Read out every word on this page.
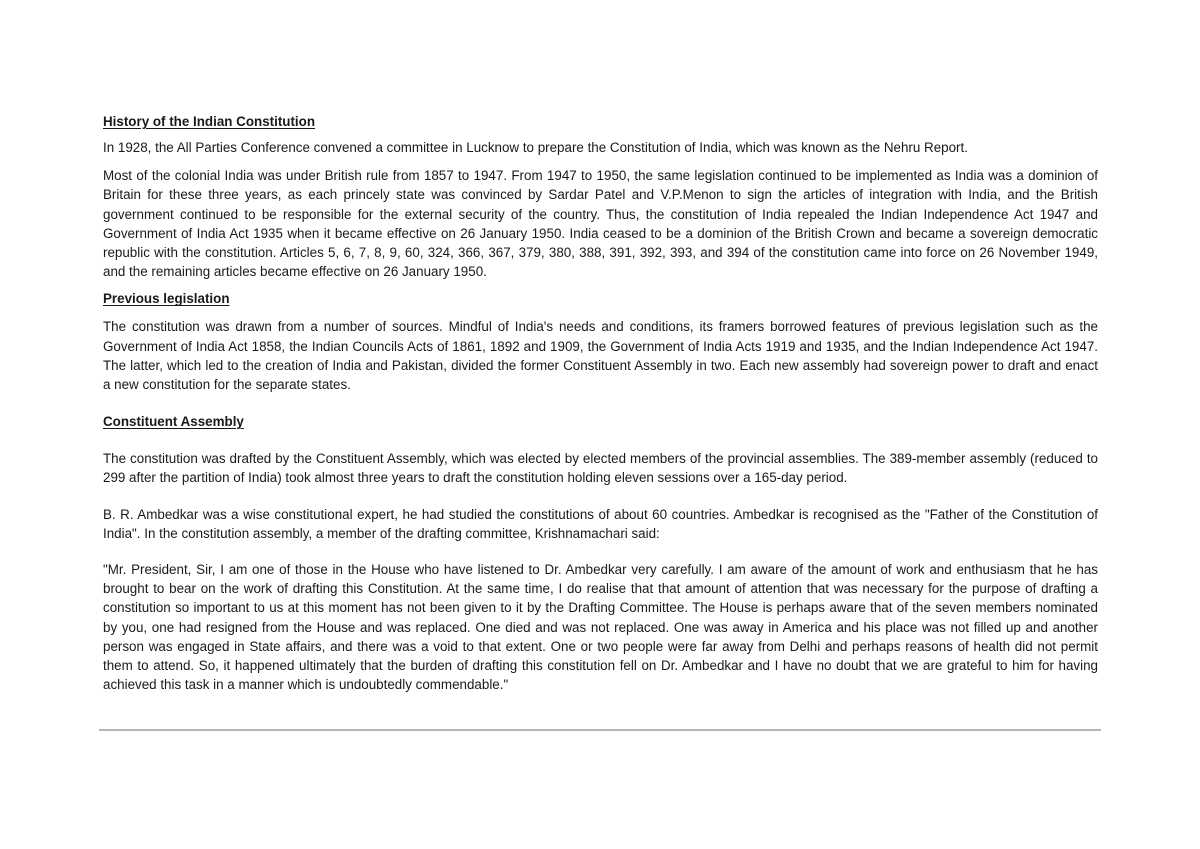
History of the Indian Constitution

In 1928, the All Parties Conference convened a committee in Lucknow to prepare the Constitution of India, which was known as the Nehru Report.

Most of the colonial India was under British rule from 1857 to 1947. From 1947 to 1950, the same legislation continued to be implemented as India was a dominion of Britain for these three years, as each princely state was convinced by Sardar Patel and V.P.Menon to sign the articles of integration with India, and the British government continued to be responsible for the external security of the country. Thus, the constitution of India repealed the Indian Independence Act 1947 and Government of India Act 1935 when it became effective on 26 January 1950. India ceased to be a dominion of the British Crown and became a sovereign democratic republic with the constitution. Articles 5, 6, 7, 8, 9, 60, 324, 366, 367, 379, 380, 388, 391, 392, 393, and 394 of the constitution came into force on 26 November 1949, and the remaining articles became effective on 26 January 1950.

Previous legislation

The constitution was drawn from a number of sources. Mindful of India's needs and conditions, its framers borrowed features of previous legislation such as the Government of India Act 1858, the Indian Councils Acts of 1861, 1892 and 1909, the Government of India Acts 1919 and 1935, and the Indian Independence Act 1947. The latter, which led to the creation of India and Pakistan, divided the former Constituent Assembly in two. Each new assembly had sovereign power to draft and enact a new constitution for the separate states.

Constituent Assembly

The constitution was drafted by the Constituent Assembly, which was elected by elected members of the provincial assemblies. The 389-member assembly (reduced to 299 after the partition of India) took almost three years to draft the constitution holding eleven sessions over a 165-day period.

B. R. Ambedkar was a wise constitutional expert, he had studied the constitutions of about 60 countries. Ambedkar is recognised as the "Father of the Constitution of India". In the constitution assembly, a member of the drafting committee, Krishnamachari said:

"Mr. President, Sir, I am one of those in the House who have listened to Dr. Ambedkar very carefully. I am aware of the amount of work and enthusiasm that he has brought to bear on the work of drafting this Constitution. At the same time, I do realise that that amount of attention that was necessary for the purpose of drafting a constitution so important to us at this moment has not been given to it by the Drafting Committee. The House is perhaps aware that of the seven members nominated by you, one had resigned from the House and was replaced. One died and was not replaced. One was away in America and his place was not filled up and another person was engaged in State affairs, and there was a void to that extent. One or two people were far away from Delhi and perhaps reasons of health did not permit them to attend. So, it happened ultimately that the burden of drafting this constitution fell on Dr. Ambedkar and I have no doubt that we are grateful to him for having achieved this task in a manner which is undoubtedly commendable."
